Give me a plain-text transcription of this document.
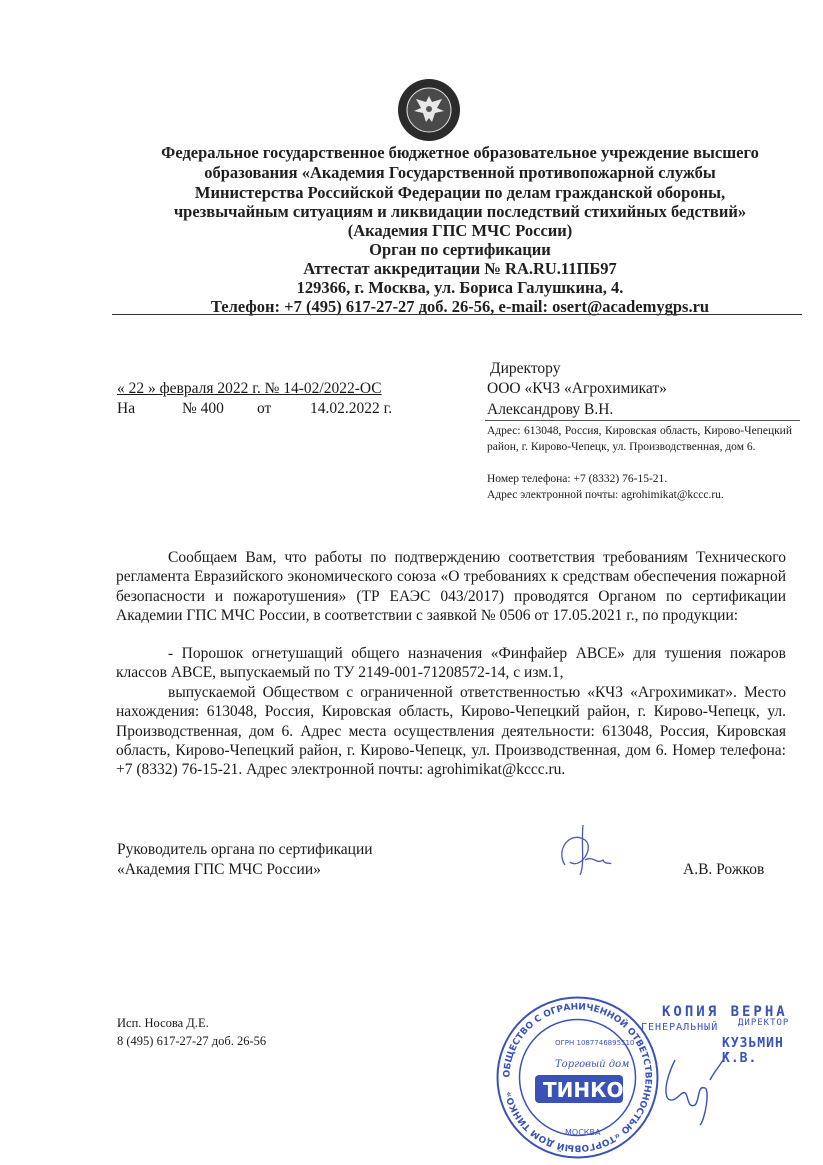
Федеральное государственное бюджетное образовательное учреждение высшего
образования «Академия Государственной противопожарной службы
Министерства Российской Федерации по делам гражданской обороны,
чрезвычайным ситуациям и ликвидации последствий стихийных бедствий»
(Академия ГПС МЧС России)
Орган по сертификации
Аттестат аккредитации № RA.RU.11ПБ97
129366, г. Москва, ул. Бориса Галушкина, 4.
Телефон: +7 (495) 617-27-27 доб. 26-56, e-mail: osert@academygps.ru
« 22 » февраля 2022 г. № 14-02/2022-ОС
На	№ 400 от 14.02.2022 г.
Директору
ООО «КЧЗ «Агрохимикат»
Александрову В.Н.
Адрес: 613048, Россия, Кировская область, Кирово-Чепецкий район, г. Кирово-Чепецк, ул. Производственная, дом 6.
Номер телефона: +7 (8332) 76-15-21.
Адрес электронной почты: agrohimikat@kccc.ru.
Сообщаем Вам, что работы по подтверждению соответствия требованиям Технического регламента Евразийского экономического союза «О требованиях к средствам обеспечения пожарной безопасности и пожаротушения» (ТР ЕАЭС 043/2017) проводятся Органом по сертификации Академии ГПС МЧС России, в соответствии с заявкой № 0506 от 17.05.2021 г., по продукции:
- Порошок огнетушащий общего назначения «Финфайер АВСЕ» для тушения пожаров классов АВСЕ, выпускаемый по ТУ 2149-001-71208572-14, с изм.1,
выпускаемой Обществом с ограниченной ответственностью «КЧЗ «Агрохимикат». Место нахождения: 613048, Россия, Кировская область, Кирово-Чепецкий район, г. Кирово-Чепецк, ул. Производственная, дом 6. Адрес места осуществления деятельности: 613048, Россия, Кировская область, Кирово-Чепецкий район, г. Кирово-Чепецк, ул. Производственная, дом 6. Номер телефона: +7 (8332) 76-15-21. Адрес электронной почты: agrohimikat@kccc.ru.
Руководитель органа по сертификации
«Академия ГПС МЧС России»	А.В. Рожков
Исп. Носова Д.Е.
8 (495) 617-27-27 доб. 26-56
ОБЩЕСТВО С ОГРАНИЧЕННОЙ ОТВЕТСТВЕННОСТЬЮ «ТОРГОВЫЙ ДОМ ТИНКО»
ОГРН 1087746895510
Торговый дом
ТИНКО
МОСКВА
КОПИЯ ВЕРНА
ГЕНЕРАЛЬНЫЙ ДИРЕКТОР
КУЗЬМИН К.В.
